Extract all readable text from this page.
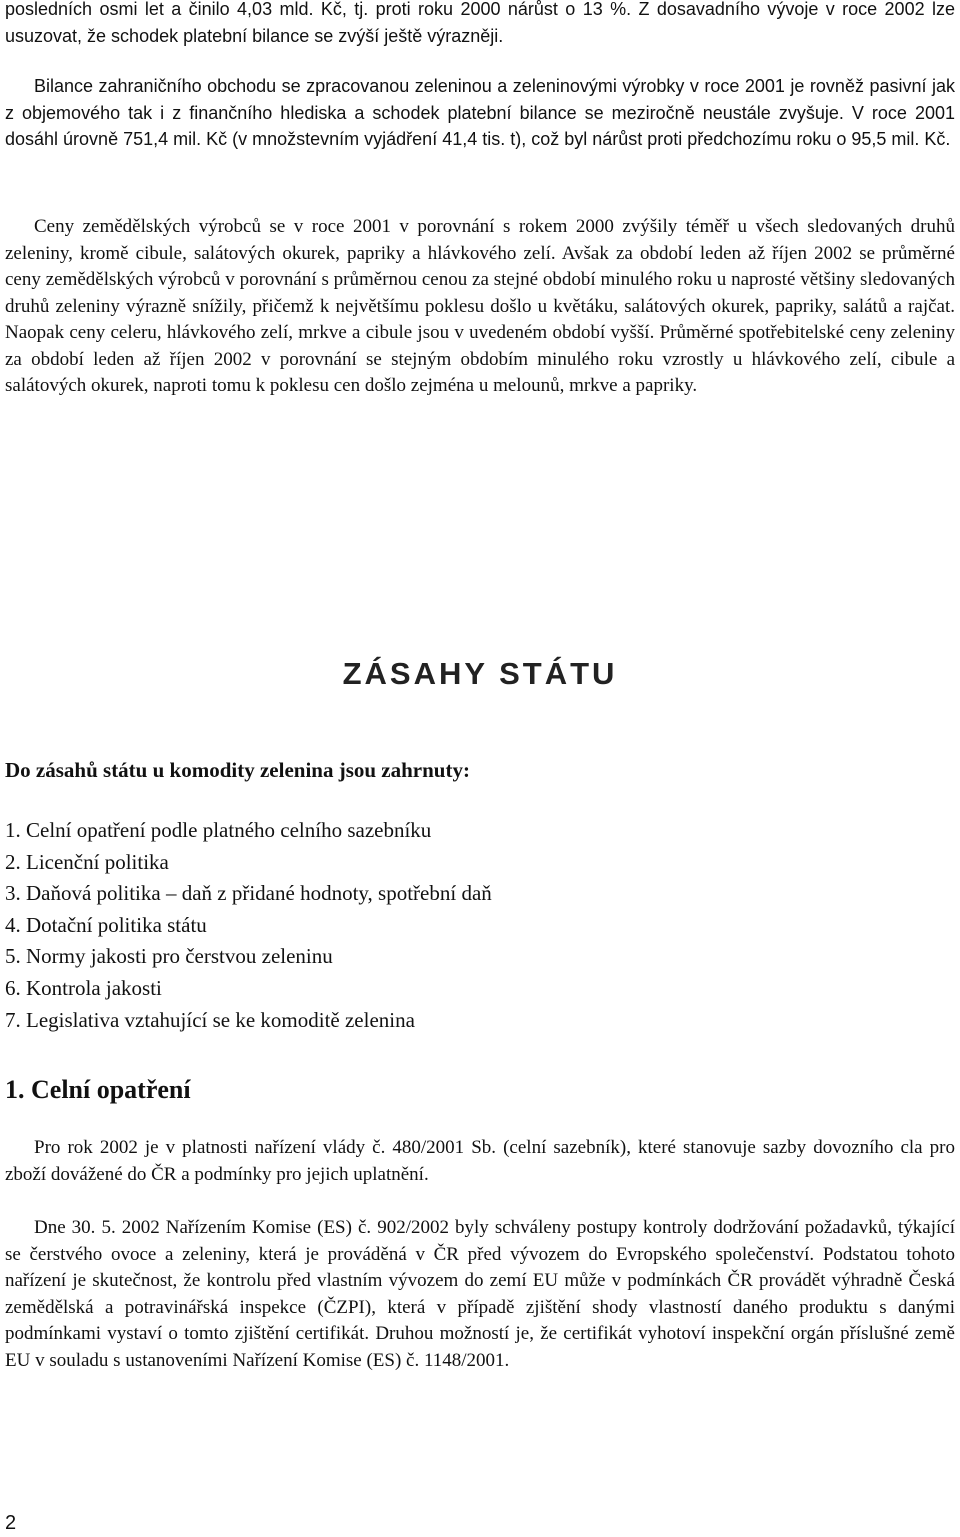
posledních osmi let a činilo 4,03 mld. Kč, tj. proti roku 2000 nárůst o 13 %. Z dosavadního vývoje v roce 2002 lze usuzovat, že schodek platební bilance se zvýší ještě výrazněji.

Bilance zahraničního obchodu se zpracovanou zeleninou a zeleninovými výrobky v roce 2001 je rovněž pasivní jak z objemového tak i z finančního hlediska a schodek platební bilance se meziročně neustále zvyšuje. V roce 2001 dosáhl úrovně 751,4 mil. Kč (v množstevním vyjádření 41,4 tis. t), což byl nárůst proti předchozímu roku o 95,5 mil. Kč.

Ceny zemědělských výrobců se v roce 2001 v porovnání s rokem 2000 zvýšily téměř u všech sledovaných druhů zeleniny, kromě cibule, salátových okurek, papriky a hlávkového zelí. Avšak za období leden až říjen 2002 se průměrné ceny zemědělských výrobců v porovnání s průměrnou cenou za stejné období minulého roku u naprosté většiny sledovaných druhů zeleniny výrazně snížily, přičemž k největšímu poklesu došlo u květáku, salátových okurek, papriky, salátů a rajčat. Naopak ceny celeru, hlávkového zelí, mrkve a cibule jsou v uvedeném období vyšší. Průměrné spotřebitelské ceny zeleniny za období leden až říjen 2002 v porovnání se stejným obdobím minulého roku vzrostly u hlávkového zelí, cibule a salátových okurek, naproti tomu k poklesu cen došlo zejména u melounů, mrkve a papriky.

ZÁSAHY STÁTU
Do zásahů státu u komodity zelenina jsou zahrnuty:
1. Celní opatření podle platného celního sazebníku
2. Licenční politika
3. Daňová politika – daň z přidané hodnoty, spotřební daň
4. Dotační politika státu
5. Normy jakosti pro čerstvou zeleninu
6. Kontrola jakosti
7. Legislativa vztahující se ke komoditě zelenina
1. Celní opatření

Pro rok 2002 je v platnosti nařízení vlády č. 480/2001 Sb. (celní sazebník), které stanovuje sazby dovozního cla pro zboží dovážené do ČR a podmínky pro jejich uplatnění.

Dne 30. 5. 2002 Nařízením Komise (ES) č. 902/2002 byly schváleny postupy kontroly dodržování požadavků, týkající se čerstvého ovoce a zeleniny, která je prováděná v ČR před vývozem do Evropského společenství. Podstatou tohoto nařízení je skutečnost, že kontrolu před vlastním vývozem do zemí EU může v podmínkách ČR provádět výhradně Česká zemědělská a potravinářská inspekce (ČZPI), která v případě zjištění shody vlastností daného produktu s danými podmínkami vystaví o tomto zjištění certifikát. Druhou možností je, že certifikát vyhotoví inspekční orgán příslušné země EU v souladu s ustanoveními Nařízení Komise (ES) č. 1148/2001.

2
